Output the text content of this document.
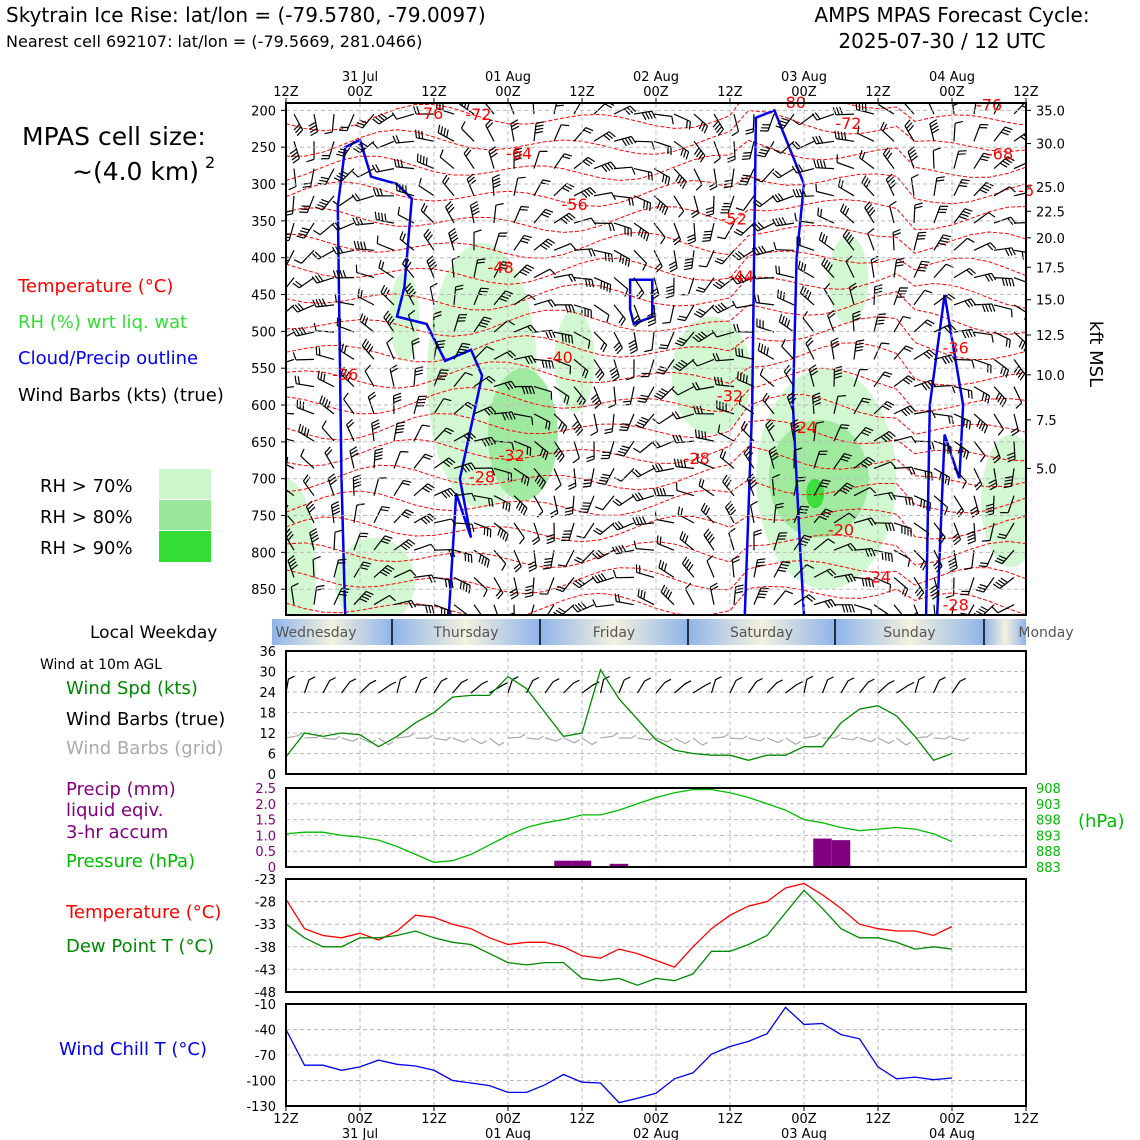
Skytrain Ice Rise: lat/lon = (-79.5780, -79.0097)
Nearest cell 692107: lat/lon = (-79.5669, 281.0466)
AMPS MPAS Forecast Cycle:
2025-07-30 / 12 UTC
MPAS cell size:
~(4.0 km) 2
Temperature (°C)
RH (%) wrt liq. wat
Cloud/Precip outline
Wind Barbs (kts) (true)
RH > 70%
RH > 80%
RH > 90%
200
250
300
350
400
450
500
550
600
650
700
750
800
850
-76 -72
-64
-56
-48
-40
-36
-32
-28
-52
-44
-32
-28
-24
-20
-24
-80
-72
-76
-68
-36
-6
-28
35.0
30.0
25.0
22.5
20.0
17.5
15.0
12.5
10.0
7.5
5.0
12Z	00Z	12Z	00Z	12Z	00Z	12Z	00Z	12Z	00Z	12Z
31 Jul	01 Aug	02 Aug	03 Aug	04 Aug
kft MSL
Local Weekday	Wednesday	Thursday	Friday	Saturday	Sunday	Monday
Wind at 10m AGL
Wind Spd (kts)
Wind Barbs (true)
Wind Barbs (grid)
0
6
12
18
24
30
36
Precip (mm)
liquid eqiv.
3-hr accum
Pressure (hPa)
(hPa)
2.5
2.0
1.5
1.0
0.5
0
908
903
898
893
888
883
Temperature (°C)
Dew Point T (°C)
-23
-28
-33
-38
-43
-48
Wind Chill T (°C)
-10
-40
-70
-100
-130
12Z	00Z	12Z	00Z	12Z	00Z	12Z	00Z	12Z	00Z	12Z
31 Jul	01 Aug	02 Aug	03 Aug	04 Aug
